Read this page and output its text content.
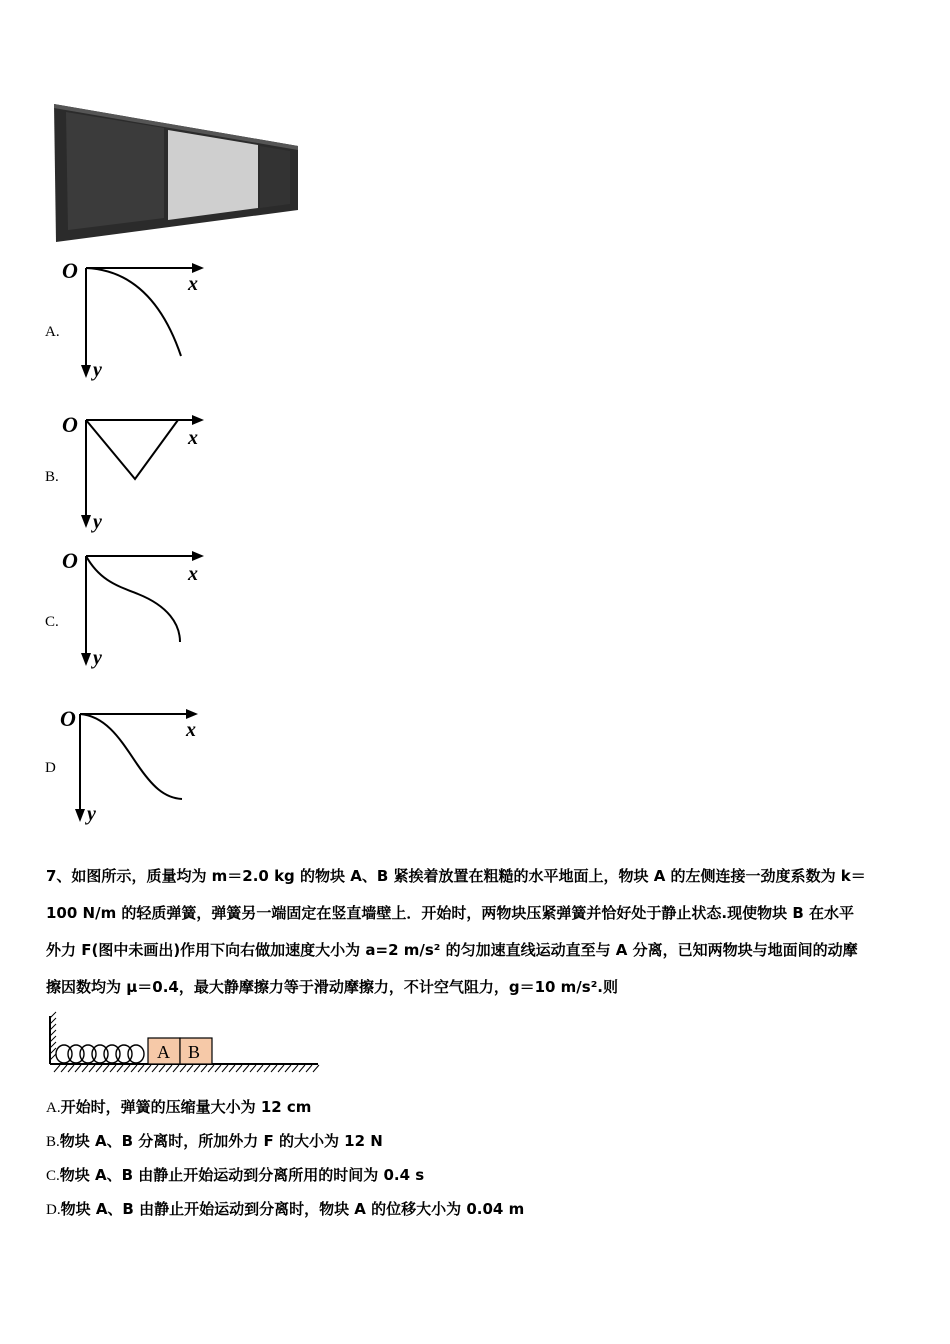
A.
O
x
y
B.
O
x
y
C.
O
x
y
D
O	x
y
7、如图所示，质量均为 m＝2.0 kg 的物块 A、B 紧挨着放置在粗糙的水平地面上，物块 A 的左侧连接一劲度系数为 k＝
100 N/m 的轻质弹簧，弹簧另一端固定在竖直墙壁上．开始时，两物块压紧弹簧并恰好处于静止状态.现使物块 B 在水平
外力 F(图中未画出)作用下向右做加速度大小为 a=2 m/s² 的匀加速直线运动直至与 A 分离，已知两物块与地面间的动摩
擦因数均为 μ＝0.4，最大静摩擦力等于滑动摩擦力，不计空气阻力，g＝10 m/s².则
A B
A.开始时，弹簧的压缩量大小为 12 cm
B.物块 A、B 分离时，所加外力 F 的大小为 12 N
C.物块 A、B 由静止开始运动到分离所用的时间为 0.4 s
D.物块 A、B 由静止开始运动到分离时，物块 A 的位移大小为 0.04 m
